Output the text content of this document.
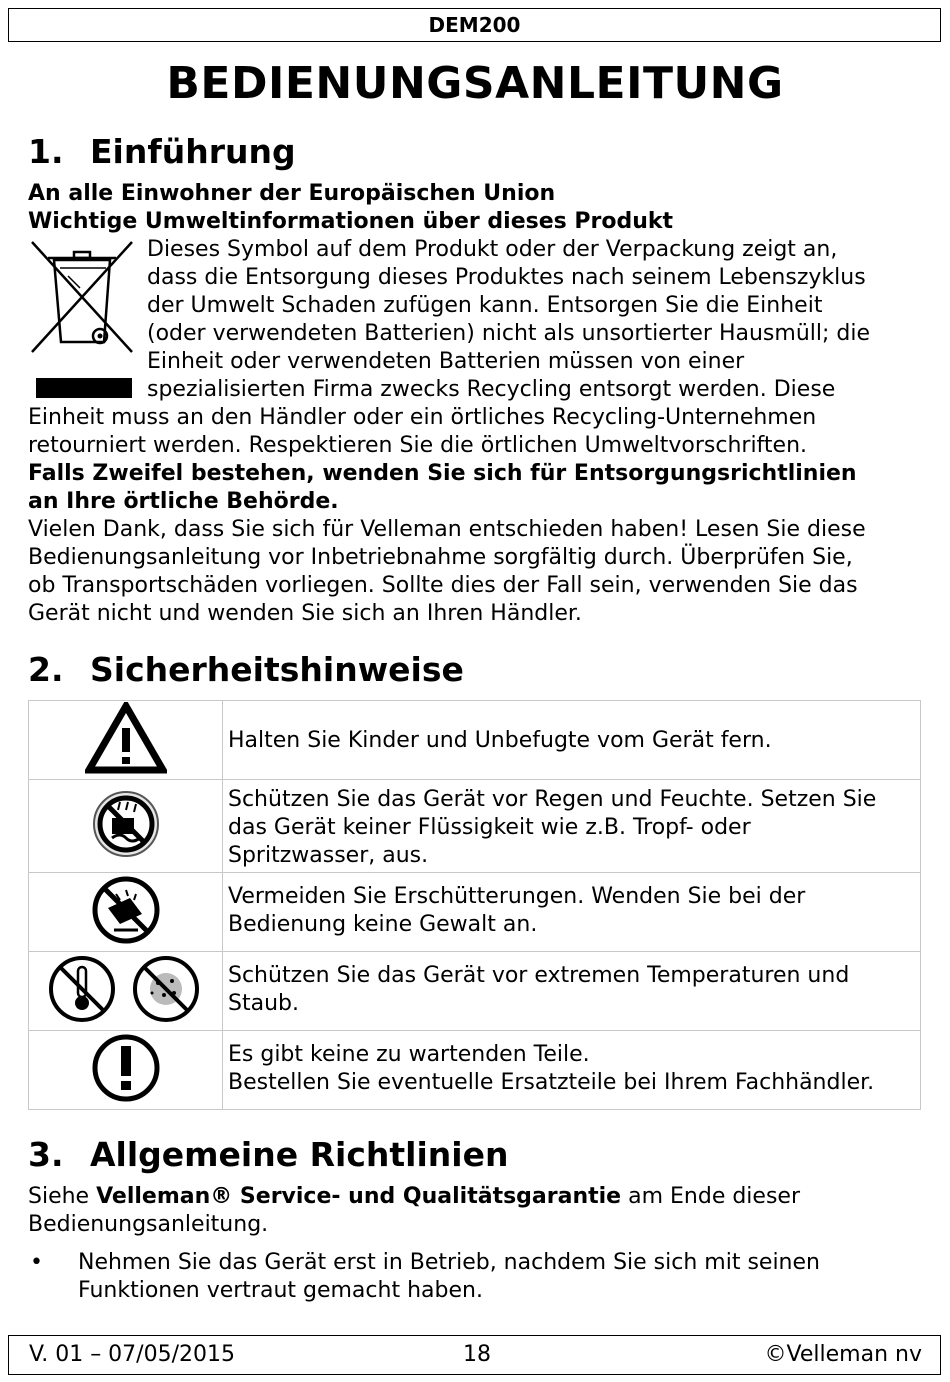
DEM200
BEDIENUNGSANLEITUNG
1. Einführung
An alle Einwohner der Europäischen Union
Wichtige Umweltinformationen über dieses Produkt
Dieses Symbol auf dem Produkt oder der Verpackung zeigt an,
dass die Entsorgung dieses Produktes nach seinem Lebenszyklus
der Umwelt Schaden zufügen kann. Entsorgen Sie die Einheit
(oder verwendeten Batterien) nicht als unsortierter Hausmüll; die
Einheit oder verwendeten Batterien müssen von einer
spezialisierten Firma zwecks Recycling entsorgt werden. Diese
Einheit muss an den Händler oder ein örtliches Recycling-Unternehmen
retourniert werden. Respektieren Sie die örtlichen Umweltvorschriften.
Falls Zweifel bestehen, wenden Sie sich für Entsorgungsrichtlinien
an Ihre örtliche Behörde.
Vielen Dank, dass Sie sich für Velleman entschieden haben! Lesen Sie diese
Bedienungsanleitung vor Inbetriebnahme sorgfältig durch. Überprüfen Sie,
ob Transportschäden vorliegen. Sollte dies der Fall sein, verwenden Sie das
Gerät nicht und wenden Sie sich an Ihren Händler.
2. Sicherheitshinweise

Halten Sie Kinder und Unbefugte vom Gerät fern.

Schützen Sie das Gerät vor Regen und Feuchte. Setzen Sie
das Gerät keiner Flüssigkeit wie z.B. Tropf- oder
Spritzwasser, aus.

Vermeiden Sie Erschütterungen. Wenden Sie bei der
Bedienung keine Gewalt an.

Schützen Sie das Gerät vor extremen Temperaturen und
Staub.

Es gibt keine zu wartenden Teile.
Bestellen Sie eventuelle Ersatzteile bei Ihrem Fachhändler.
3. Allgemeine Richtlinien
Siehe Velleman® Service- und Qualitätsgarantie am Ende dieser
Bedienungsanleitung.
• Nehmen Sie das Gerät erst in Betrieb, nachdem Sie sich mit seinen
Funktionen vertraut gemacht haben.
V. 01 – 07/05/2015	18	©Velleman nv
